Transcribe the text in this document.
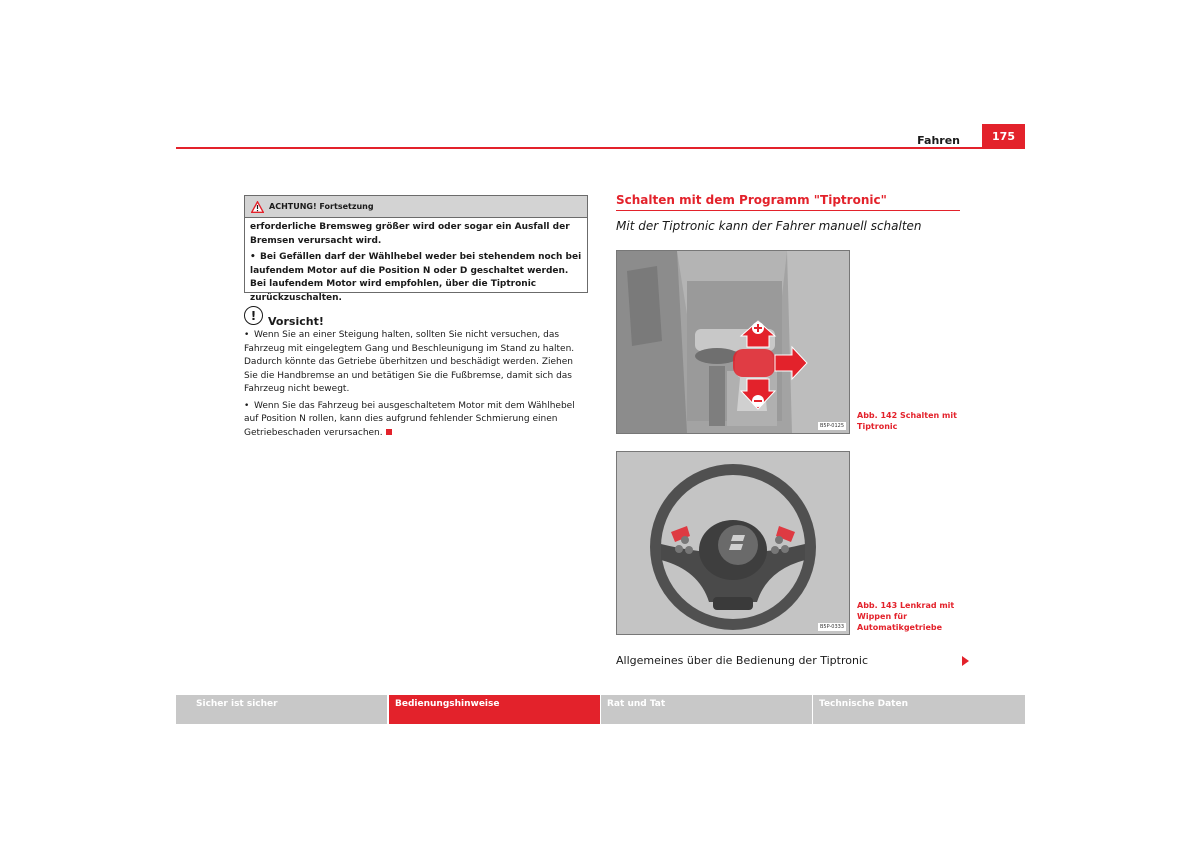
Fahren	175
ACHTUNG! Fortsetzung

erforderliche Bremsweg größer wird oder sogar ein Ausfall der Bremsen verursacht wird.

• Bei Gefällen darf der Wählhebel weder bei stehendem noch bei laufendem Motor auf die Position N oder D geschaltet werden. Bei laufendem Motor wird empfohlen, über die Tiptronic zurückzuschalten.

!	Vorsicht!

• Wenn Sie an einer Steigung halten, sollten Sie nicht versuchen, das Fahrzeug mit eingelegtem Gang und Beschleunigung im Stand zu halten. Dadurch könnte das Getriebe überhitzen und beschädigt werden. Ziehen Sie die Handbremse an und betätigen Sie die Fußbremse, damit sich das Fahrzeug nicht bewegt.

• Wenn Sie das Fahrzeug bei ausgeschaltetem Motor mit dem Wählhebel auf Position N rollen, kann dies aufgrund fehlender Schmierung einen Getriebeschaden verursachen.

Schalten mit dem Programm "Tiptronic"
Mit der Tiptronic kann der Fahrer manuell schalten
B5P-0125
Abb. 142 Schalten mit Tiptronic
B5P-0333
Abb. 143 Lenkrad mit Wippen für Automatikgetriebe
Allgemeines über die Bedienung der Tiptronic
Sicher ist sicher	Bedienungshinweise	Rat und Tat	Technische Daten
